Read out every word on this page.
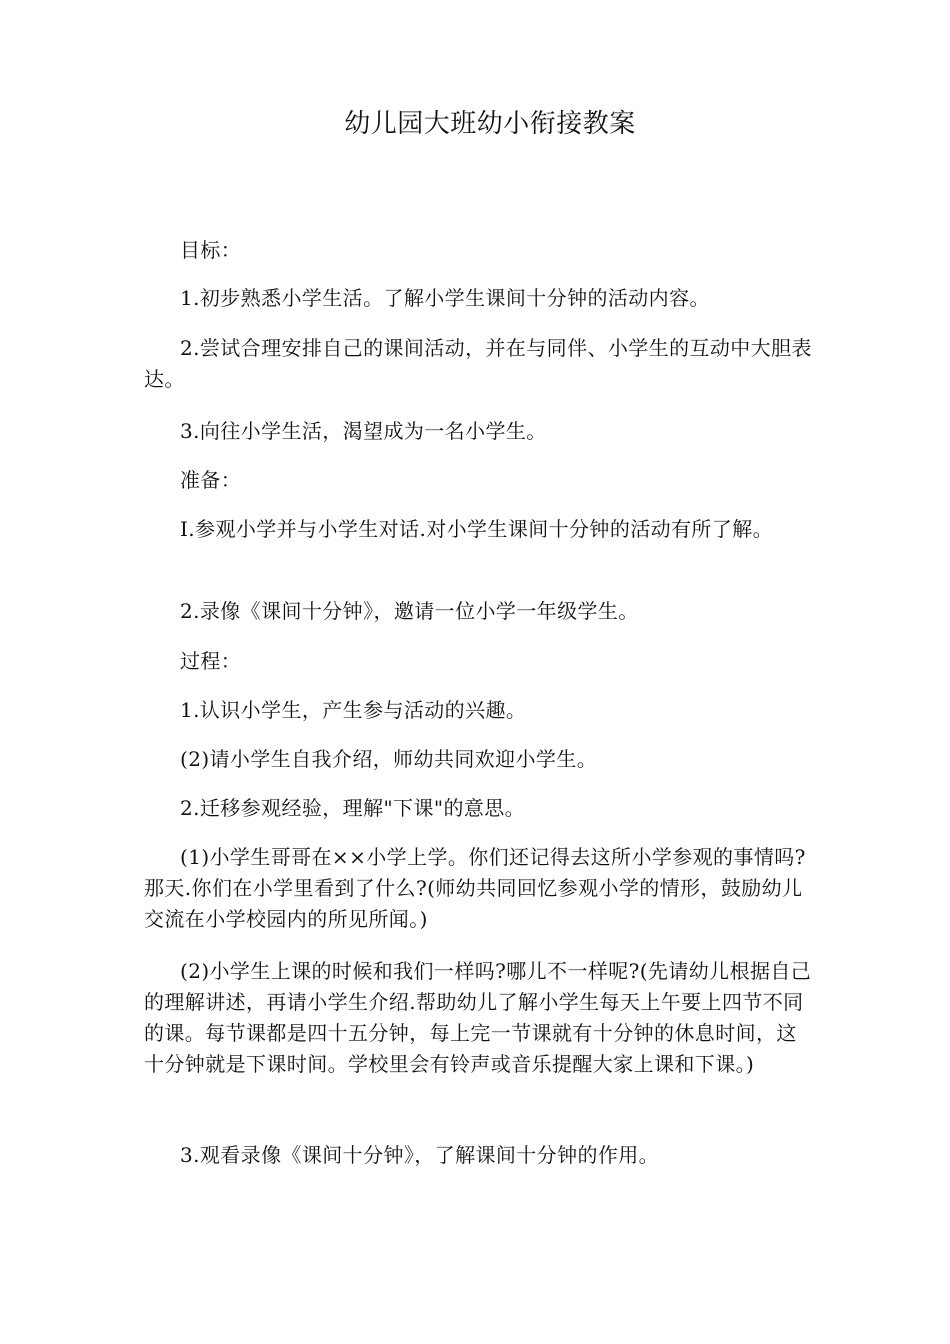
幼儿园大班幼小衔接教案

目标：

1.初步熟悉小学生活。了解小学生课间十分钟的活动内容。

2.尝试合理安排自己的课间活动，并在与同伴、小学生的互动中大胆表达。

3.向往小学生活，渴望成为一名小学生。

准备：

I.参观小学并与小学生对话.对小学生课间十分钟的活动有所了解。

2.录像《课间十分钟》，邀请一位小学一年级学生。

过程：

1.认识小学生，产生参与活动的兴趣。

(2)请小学生自我介绍，师幼共同欢迎小学生。

2.迁移参观经验，理解"下课"的意思。

(1)小学生哥哥在××小学上学。你们还记得去这所小学参观的事情吗?那天.你们在小学里看到了什么?(师幼共同回忆参观小学的情形，鼓励幼儿交流在小学校园内的所见所闻。)

(2)小学生上课的时候和我们一样吗?哪儿不一样呢?(先请幼儿根据自己的理解讲述，再请小学生介绍.帮助幼儿了解小学生每天上午要上四节不同的课。每节课都是四十五分钟，每上完一节课就有十分钟的休息时间，这十分钟就是下课时间。学校里会有铃声或音乐提醒大家上课和下课。)

3.观看录像《课间十分钟》，了解课间十分钟的作用。
